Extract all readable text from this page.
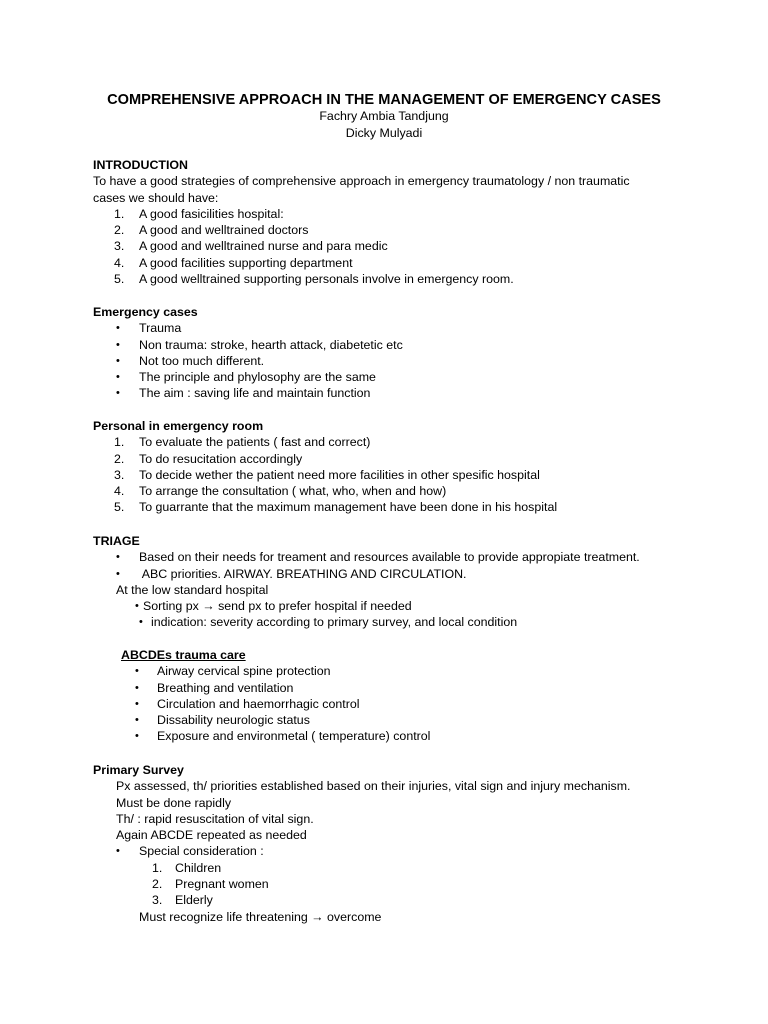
COMPREHENSIVE APPROACH IN THE MANAGEMENT OF EMERGENCY CASES
Fachry Ambia Tandjung
Dicky Mulyadi
INTRODUCTION
To have a good strategies of comprehensive approach in emergency traumatology / non traumatic
cases we should have:
1.	A good fasicilities hospital:
2.	A good and welltrained doctors
3.	A good and welltrained nurse and para medic
4.	A good facilities supporting department
5.	A good welltrained supporting personals involve in emergency room.
Emergency cases
• Trauma
• Non trauma: stroke, hearth attack, diabetetic etc
• Not too much different.
• The principle and phylosophy are the same
• The aim : saving life and maintain function
Personal in emergency room
1.	To evaluate the patients ( fast and correct)
2.	To do resucitation accordingly
3.	To decide wether the patient need more facilities in other spesific hospital
4.	To arrange the consultation ( what, who, when and how)
5.	To guarrante that the maximum management have been done in his hospital
TRIAGE
• Based on their needs for treament and resources available to provide appropiate treatment.
• ABC priorities. AIRWAY. BREATHING AND CIRCULATION.
At the low standard hospital
• Sorting px → send px to prefer hospital if needed
• indication: severity according to primary survey, and local condition
ABCDEs trauma care
• Airway cervical spine protection
• Breathing and ventilation
• Circulation and haemorrhagic control
• Dissability neurologic status
• Exposure and environmetal ( temperature) control
Primary Survey
Px assessed, th/ priorities established based on their injuries, vital sign and injury mechanism.
Must be done rapidly
Th/ : rapid resuscitation of vital sign.
Again ABCDE repeated as needed
• Special consideration :
1.	Children
2.	Pregnant women
3.	Elderly
Must recognize life threatening → overcome
